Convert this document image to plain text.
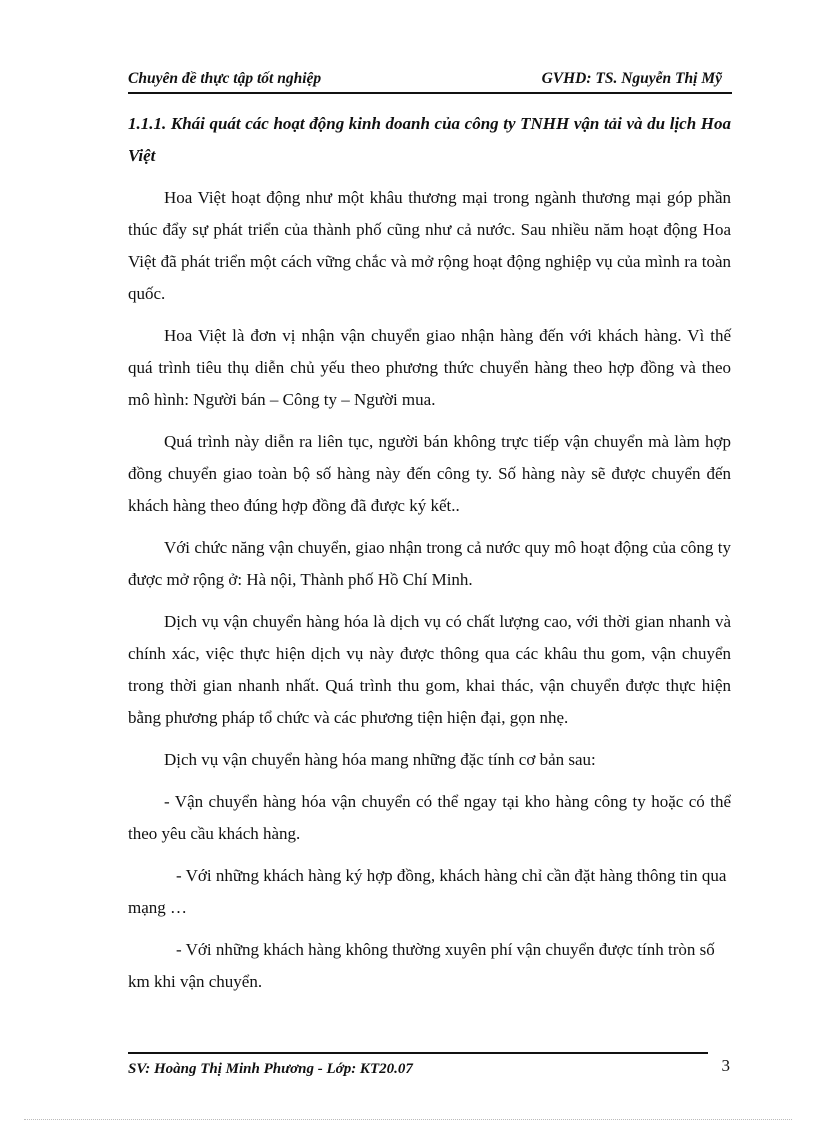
Chuyên đề thực tập tốt nghiệp	GVHD: TS. Nguyễn Thị Mỹ

1.1.1. Khái quát các hoạt động kinh doanh của công ty TNHH vận tải và du lịch Hoa Việt

Hoa Việt hoạt động như một khâu thương mại trong ngành thương mại góp phần thúc đẩy sự phát triển của thành phố cũng như cả nước. Sau nhiều năm hoạt động Hoa Việt đã phát triển một cách vững chắc và mở rộng hoạt động nghiệp vụ của mình ra toàn quốc.

Hoa Việt là đơn vị nhận vận chuyển giao nhận hàng đến với khách hàng. Vì thế quá trình tiêu thụ diễn chủ yếu theo phương thức chuyển hàng theo hợp đồng và theo mô hình: Người bán – Công ty – Người mua.

Quá trình này diễn ra liên tục, người bán không trực tiếp vận chuyển mà làm hợp đồng chuyển giao toàn bộ số hàng này đến công ty. Số hàng này sẽ được chuyển đến khách hàng theo đúng hợp đồng đã được ký kết..

Với chức năng vận chuyển, giao nhận trong cả nước quy mô hoạt động của công ty được mở rộng ở: Hà nội, Thành phố Hồ Chí Minh.

Dịch vụ vận chuyển hàng hóa là dịch vụ có chất lượng cao, với thời gian nhanh và chính xác, việc thực hiện dịch vụ này được thông qua các khâu thu gom, vận chuyển trong thời gian nhanh nhất. Quá trình thu gom, khai thác, vận chuyển được thực hiện bằng phương pháp tổ chức và các phương tiện hiện đại, gọn nhẹ.

Dịch vụ vận chuyển hàng hóa mang những đặc tính cơ bản sau:

- Vận chuyển hàng hóa vận chuyển có thể ngay tại kho hàng công ty hoặc có thể theo yêu cầu khách hàng.

- Với những khách hàng ký hợp đồng, khách hàng chỉ cần đặt hàng thông tin qua mạng …

- Với những khách hàng không thường xuyên phí vận chuyển được tính tròn số km khi vận chuyển.

SV: Hoàng Thị Minh Phương - Lớp: KT20.07	3
